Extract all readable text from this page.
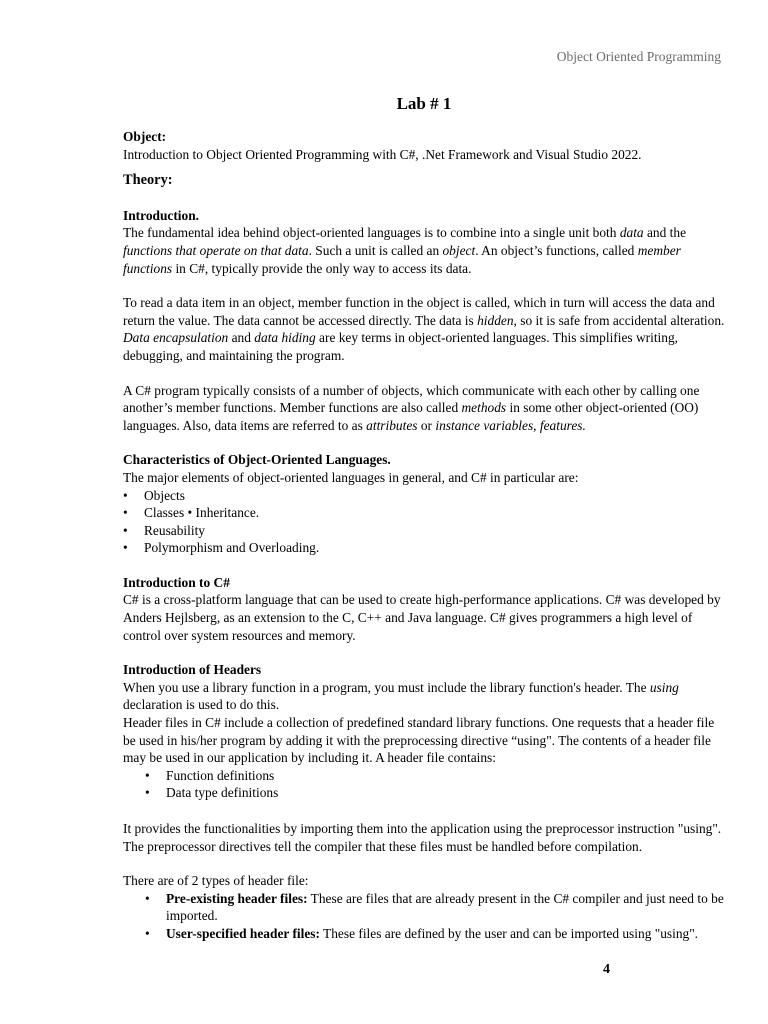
Object Oriented Programming
Lab # 1
Object:

Introduction to Object Oriented Programming with C#, .Net Framework and Visual Studio 2022.

Theory:
Introduction.

The fundamental idea behind object-oriented languages is to combine into a single unit both data and the functions that operate on that data. Such a unit is called an object. An object’s functions, called member functions in C#, typically provide the only way to access its data.

To read a data item in an object, member function in the object is called, which in turn will access the data and return the value. The data cannot be accessed directly. The data is hidden, so it is safe from accidental alteration. Data encapsulation and data hiding are key terms in object-oriented languages. This simplifies writing, debugging, and maintaining the program.

A C# program typically consists of a number of objects, which communicate with each other by calling one another’s member functions. Member functions are also called methods in some other object-oriented (OO) languages. Also, data items are referred to as attributes or instance variables, features.

Characteristics of Object-Oriented Languages.

The major elements of object-oriented languages in general, and C# in particular are:

• Objects
• Classes • Inheritance.
• Reusability
• Polymorphism and Overloading.
Introduction to C#

C# is a cross-platform language that can be used to create high-performance applications. C# was developed by Anders Hejlsberg, as an extension to the C, C++ and Java language. C# gives programmers a high level of control over system resources and memory.

Introduction of Headers

When you use a library function in a program, you must include the library function's header. The using declaration is used to do this.

Header files in C# include a collection of predefined standard library functions. One requests that a header file be used in his/her program by adding it with the preprocessing directive “using". The contents of a header file may be used in our application by including it. A header file contains:

• Function definitions
• Data type definitions

It provides the functionalities by importing them into the application using the preprocessor instruction "using". The preprocessor directives tell the compiler that these files must be handled before compilation.

There are of 2 types of header file:

• Pre-existing header files: These are files that are already present in the C# compiler and just need to be imported.
• User-specified header files: These files are defined by the user and can be imported using "using".
4
